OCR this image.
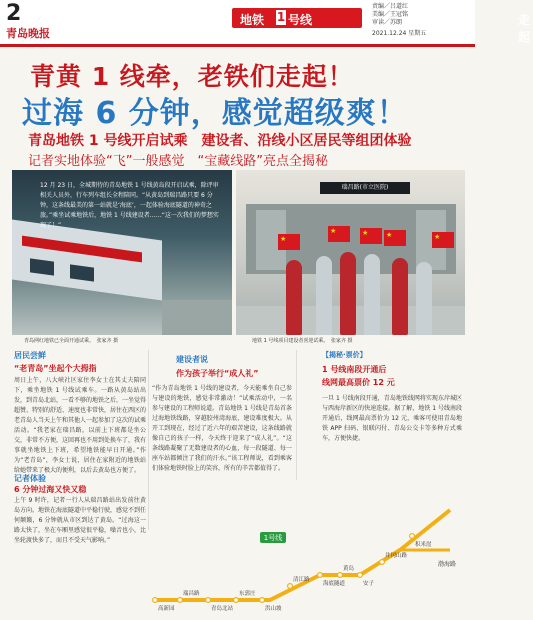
2
青岛晚报
地铁 1 号线	走起
责编／吕道红
美编／王冠铭
审读／苏朗
2021.12.24 星期五
青黄 1 线牵，老铁们走起！
过海 6 分钟，感觉超级爽！
青岛地铁 1 号线开启试乘　建设者、沿线小区居民等组团体验
记者实地体验“飞”一般感觉　“宝藏线路”亮点全揭秘
12 月 23 日，全城期待的青岛地铁 1 号线黄岛段开启试乘，除评审相关人员外，行车列车组长全程陪同。“从黄岛到瑞昌路只要 6 分钟，这条线最美的第一站就是‘海底’，一起体验海底隧道的神奇之旅。”乘坐试乘地铁后，地铁 1 号线建设者……“这一次我们的梦想实现了！”
青岛网红地铁已全面开通试乘。　张家齐 摄
瑞昌路(市立医院)
★
★	★	★	★
地铁 1 号线项目建设者喜迎试乘。　张家齐 摄
居民尝鲜
“老青岛”坐起个大拇指
周日上午，八大峡社区家住李女士在其丈夫陪同下，乘坐地铁 1 号线试乘车。一路从黄岛站出发，到青岛北站，一看不够的地铁之后，一坐觉得超赞、特别的舒适、速度也非常快，居住在西区的老青岛人当天上午和其他人一起参加了这次的试乘活动。“我老家在瑞昌路，以前上下班都是坐公交，非常不方便，这回再也不用到处换车了，我有事就坐地铁上下班，希望地铁能早日开通。”作为“老青岛”，李女士说，居住在家附近的地铁站给她带来了极大的便利，以后去黄岛也方便了。
记者体验
6 分钟过海又快又稳
上午 9 时许，记者一行人从瑞昌路站出发前往黄岛方向。地铁在海底隧道中平稳行驶，感觉不到任何颠簸，6 分钟就从市区到达了黄岛。“过海这一路太快了，坐在车厢里感觉很平稳，噪音也小，比坐轮渡快多了，而且不受天气影响。”
建设者说
作为孩子举行“成人礼”
“作为青岛地铁 1 号线的建设者，今天能乘坐自己参与建设的地铁，感觉非常激动！”试乘活动中，一名参与建设的工程师说道。青岛地铁 1 号线是青岛首条过海地铁线路，穿越胶州湾海底，建设难度极大。从开工到现在，经过了近六年的艰苦建设，这条线路就像自己的孩子一样，今天终于迎来了“成人礼”。“这条线路凝聚了无数建设者的心血，每一段隧道、每一座车站都倾注了我们的汗水。”该工程师说，看到乘客们体验地铁时脸上的笑容，所有的辛苦都值得了。
【揭秘·票价】
1 号线南段开通后
线网最高票价 12 元
一旦 1 号线南段开通，青岛地铁线网将实现东岸城区与西海岸新区的快速连接。据了解，地铁 1 号线南段开通后，线网最高票价为 12 元，乘客可使用青岛地铁 APP 扫码、银联闪付、青岛公交卡等多种方式乘车，方便快捷。
高新园
瑞昌路
青岛北站
东郭庄
洪山坡
清江路
海底隧道
黄岛
安子
井冈山路
积米崖
1号线
渤海路
